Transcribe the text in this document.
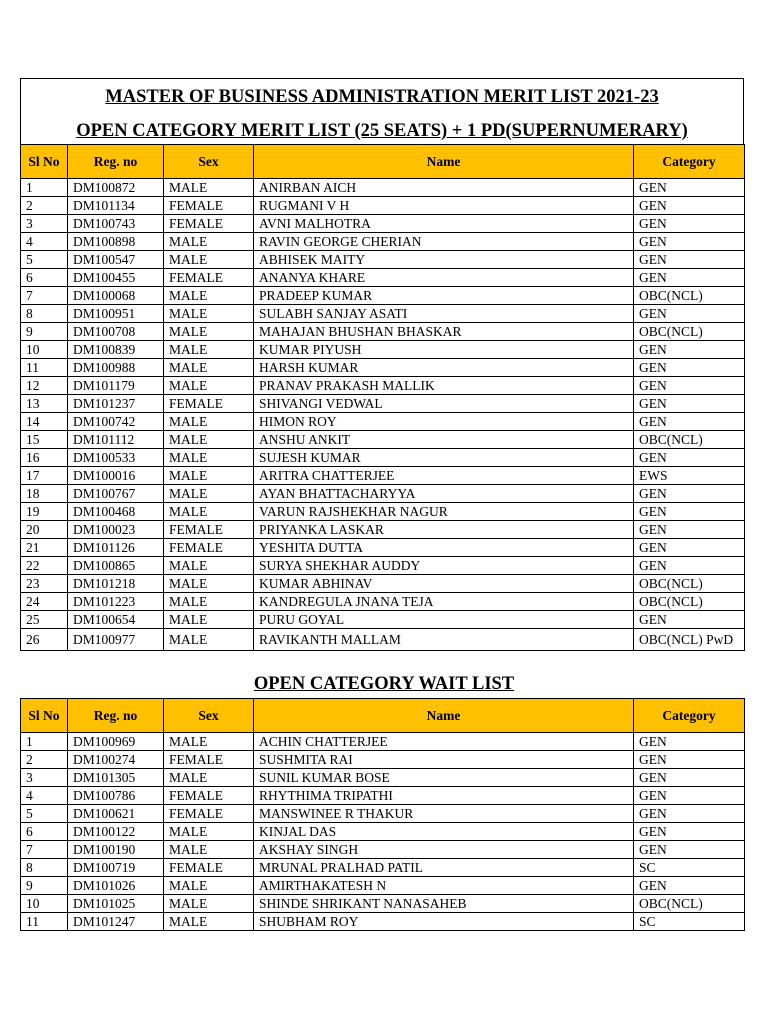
MASTER OF BUSINESS ADMINISTRATION MERIT LIST 2021-23
OPEN CATEGORY MERIT LIST (25 SEATS) + 1 PD(SUPERNUMERARY)
Sl No	Reg. no	Sex	Name	Category
1	DM100872	MALE	ANIRBAN AICH	GEN
2	DM101134	FEMALE	RUGMANI V H	GEN
3	DM100743	FEMALE	AVNI MALHOTRA	GEN
4	DM100898	MALE	RAVIN GEORGE CHERIAN	GEN
5	DM100547	MALE	ABHISEK MAITY	GEN
6	DM100455	FEMALE	ANANYA KHARE	GEN
7	DM100068	MALE	PRADEEP KUMAR	OBC(NCL)
8	DM100951	MALE	SULABH SANJAY ASATI	GEN
9	DM100708	MALE	MAHAJAN BHUSHAN BHASKAR	OBC(NCL)
10	DM100839	MALE	KUMAR PIYUSH	GEN
11	DM100988	MALE	HARSH KUMAR	GEN
12	DM101179	MALE	PRANAV PRAKASH MALLIK	GEN
13	DM101237	FEMALE	SHIVANGI VEDWAL	GEN
14	DM100742	MALE	HIMON ROY	GEN
15	DM101112	MALE	ANSHU ANKIT	OBC(NCL)
16	DM100533	MALE	SUJESH KUMAR	GEN
17	DM100016	MALE	ARITRA CHATTERJEE	EWS
18	DM100767	MALE	AYAN BHATTACHARYYA	GEN
19	DM100468	MALE	VARUN RAJSHEKHAR NAGUR	GEN
20	DM100023	FEMALE	PRIYANKA LASKAR	GEN
21	DM101126	FEMALE	YESHITA DUTTA	GEN
22	DM100865	MALE	SURYA SHEKHAR AUDDY	GEN
23	DM101218	MALE	KUMAR ABHINAV	OBC(NCL)
24	DM101223	MALE	KANDREGULA JNANA TEJA	OBC(NCL)
25	DM100654	MALE	PURU GOYAL	GEN
26	DM100977	MALE	RAVIKANTH MALLAM	OBC(NCL) PwD
OPEN CATEGORY WAIT LIST
Sl No	Reg. no	Sex	Name	Category
1	DM100969	MALE	ACHIN CHATTERJEE	GEN
2	DM100274	FEMALE	SUSHMITA RAI	GEN
3	DM101305	MALE	SUNIL KUMAR BOSE	GEN
4	DM100786	FEMALE	RHYTHIMA TRIPATHI	GEN
5	DM100621	FEMALE	MANSWINEE R THAKUR	GEN
6	DM100122	MALE	KINJAL DAS	GEN
7	DM100190	MALE	AKSHAY SINGH	GEN
8	DM100719	FEMALE	MRUNAL PRALHAD PATIL	SC
9	DM101026	MALE	AMIRTHAKATESH N	GEN
10	DM101025	MALE	SHINDE SHRIKANT NANASAHEB	OBC(NCL)
11	DM101247	MALE	SHUBHAM ROY	SC
